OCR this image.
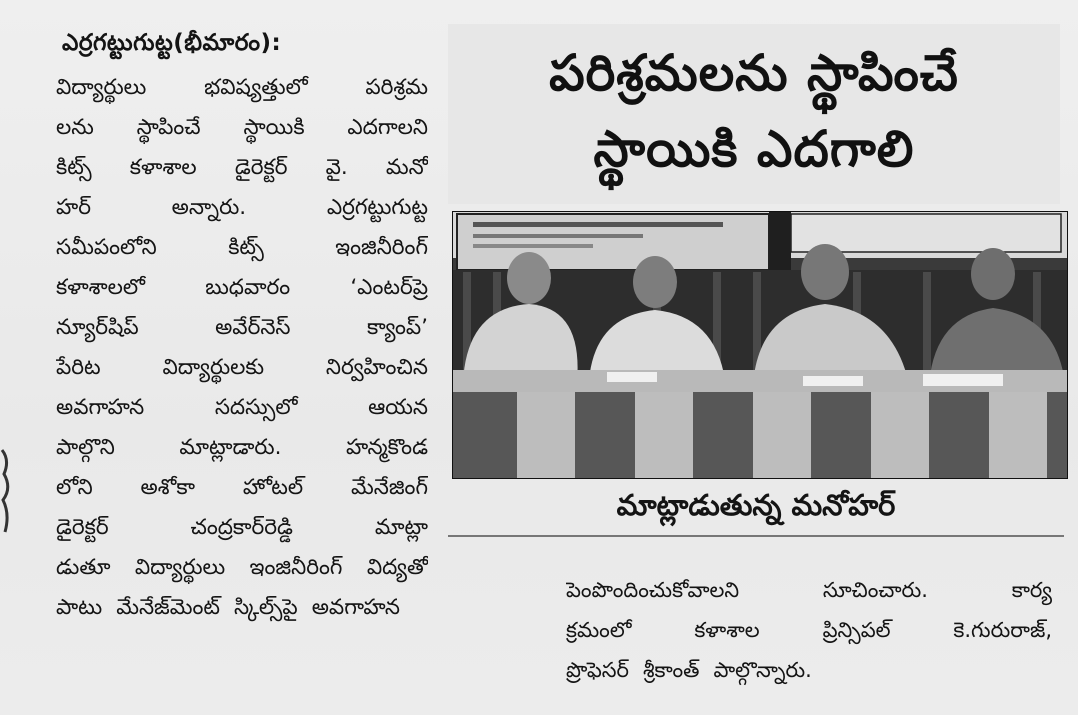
ఎర్రగట్టుగుట్ట(భీమారం):
విద్యార్థులు	భవిష్యత్తులో	పరిశ్రమ
లను స్థాపించే స్థాయికి ఎదగాలని
కిట్స్ కళాశాల డైరెక్టర్ వై. మనో
హర్	అన్నారు.	ఎర్రగట్టుగుట్ట
సమీపంలోని	కిట్స్	ఇంజినీరింగ్
కళాశాలలో	బుధవారం	‘ఎంటర్‌ప్రె
న్యూర్‌షిప్	అవేర్‌నెస్	క్యాంప్’
పేరిట	విద్యార్థులకు	నిర్వహించిన
అవగాహన	సదస్సులో	ఆయన
పాల్గొని	మాట్లాడారు.	హన్మకొండ
లోని అశోకా హోటల్ మేనేజింగ్
డైరెక్టర్	చంద్రకార్‌రెడ్డి	మాట్లా
డుతూ విద్యార్థులు ఇంజినీరింగ్ విద్యతో
పాటు మేనేజ్‌మెంట్ స్కిల్స్‌పై అవగాహన
పరిశ్రమలను స్థాపించే
స్థాయికి ఎదగాలి
మాట్లాడుతున్న మనోహర్
పెంపొందించుకోవాలని	సూచించారు.	కార్య
క్రమంలో	కళాశాల	ప్రిన్సిపల్	కె.గురురాజ్,
ప్రొఫెసర్ శ్రీకాంత్ పాల్గొన్నారు.
